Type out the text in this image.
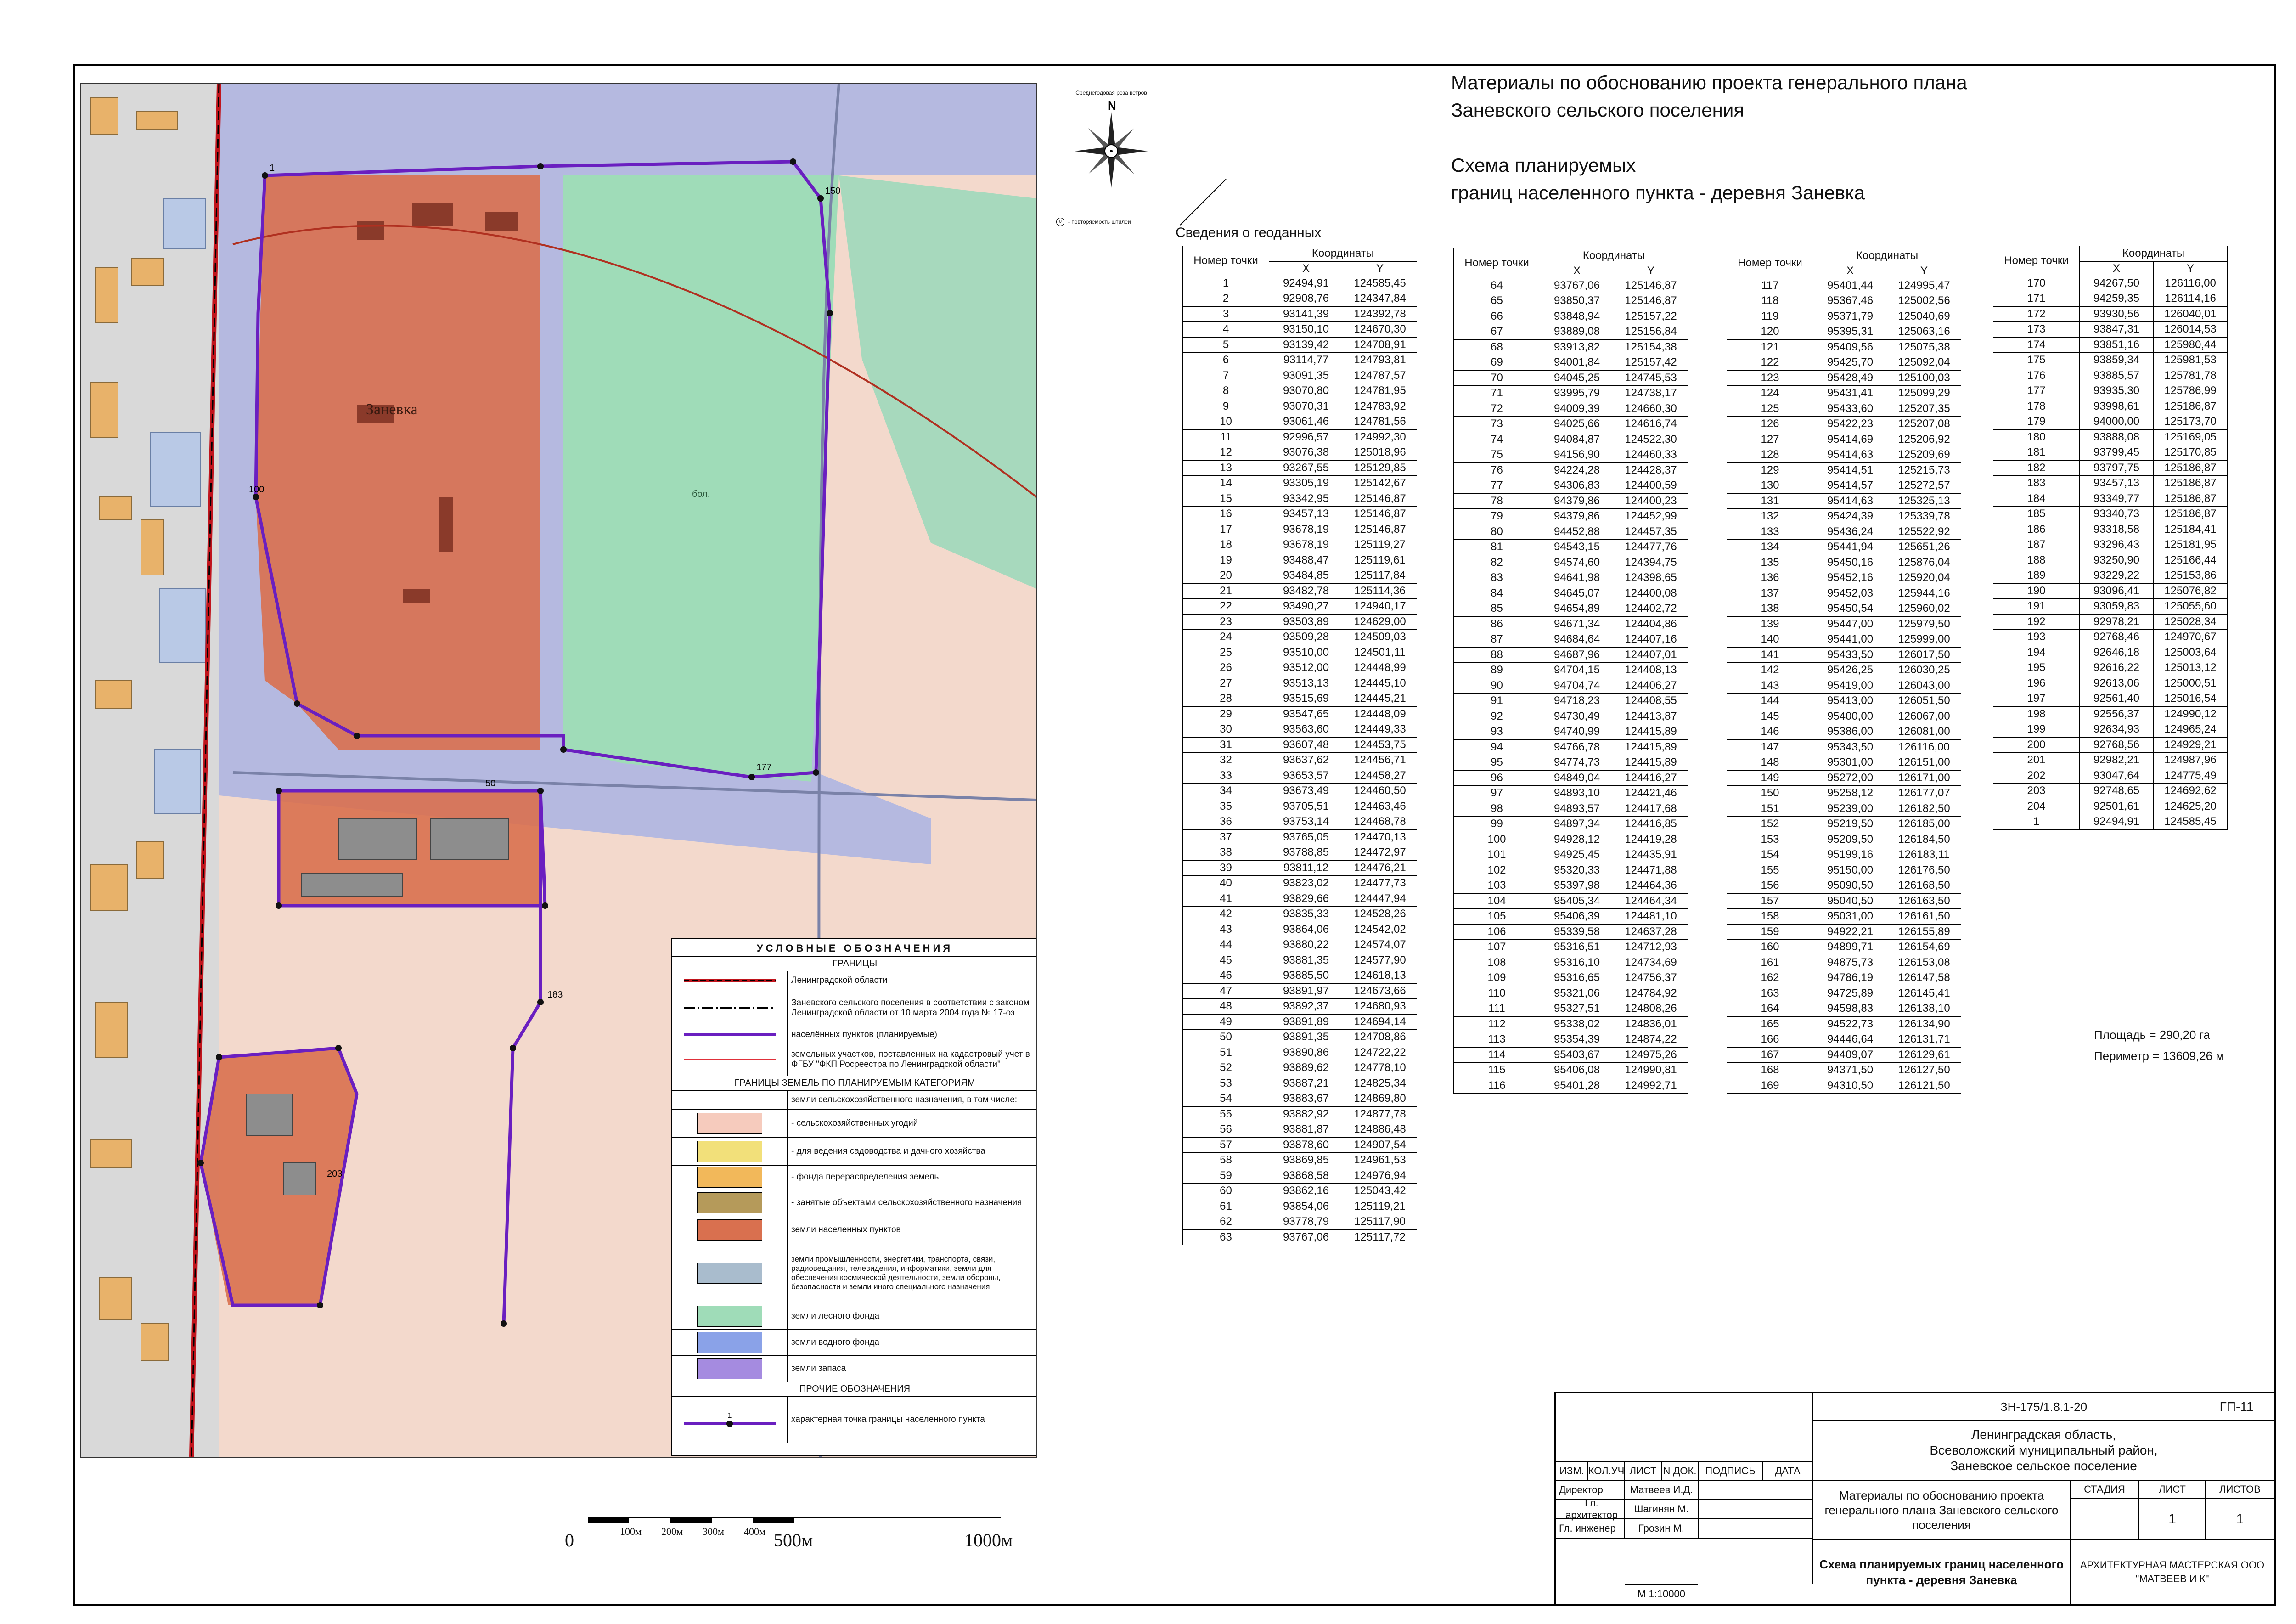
Заневка
бол.
1
50
100
150
177
183
203
УСЛОВНЫЕ ОБОЗНАЧЕНИЯ
ГРАНИЦЫ
Ленинградской области
Заневского сельского поселения в соответствии с законом Ленинградской области от 10 марта 2004 года № 17-оз
населённых пунктов (планируемые)
земельных участков, поставленных на кадастровый учет в ФГБУ "ФКП Росреестра по Ленинградской области"
ГРАНИЦЫ ЗЕМЕЛЬ ПО ПЛАНИРУЕМЫМ КАТЕГОРИЯМ
земли сельскохозяйственного назначения, в том числе:
- сельскохозяйственных угодий
- для ведения садоводства и дачного хозяйства
- фонда перераспределения земель
- занятые объектами сельскохозяйственного назначения
земли населенных пунктов
земли промышленности, энергетики, транспорта, связи, радиовещания, телевидения, информатики, земли для обеспечения космической деятельности, земли обороны, безопасности и земли иного специального назначения
земли лесного фонда
земли водного фонда
земли запаса
ПРОЧИЕ ОБОЗНАЧЕНИЯ
1	характерная точка границы населенного пункта
0	100м 200м 300м 400м 500м	1000м
Среднегодовая роза ветров
N
0	- повторяемость штилей
Материалы по обоснованию проекта генерального плана
Заневского сельского поселения
Схема планируемых
границ населенного пункта - деревня Заневка
Сведения о геоданных
Номер точки	Координаты	
	X	Y
1	92494,91	124585,45
2	92908,76	124347,84
3	93141,39	124392,78
4	93150,10	124670,30
5	93139,42	124708,91
6	93114,77	124793,81
7	93091,35	124787,57
8	93070,80	124781,95
9	93070,31	124783,92
10	93061,46	124781,56
11	92996,57	124992,30
12	93076,38	125018,96
13	93267,55	125129,85
14	93305,19	125142,67
15	93342,95	125146,87
16	93457,13	125146,87
17	93678,19	125146,87
18	93678,19	125119,27
19	93488,47	125119,61
20	93484,85	125117,84
21	93482,78	125114,36
22	93490,27	124940,17
23	93503,89	124629,00
24	93509,28	124509,03
25	93510,00	124501,11
26	93512,00	124448,99
27	93513,13	124445,10
28	93515,69	124445,21
29	93547,65	124448,09
30	93563,60	124449,33
31	93607,48	124453,75
32	93637,62	124456,71
33	93653,57	124458,27
34	93673,49	124460,50
35	93705,51	124463,46
36	93753,14	124468,78
37	93765,05	124470,13
38	93788,85	124472,97
39	93811,12	124476,21
40	93823,02	124477,73
41	93829,66	124447,94
42	93835,33	124528,26
43	93864,06	124542,02
44	93880,22	124574,07
45	93881,35	124577,90
46	93885,50	124618,13
47	93891,97	124673,66
48	93892,37	124680,93
49	93891,89	124694,14
50	93891,35	124708,86
51	93890,86	124722,22
52	93889,62	124778,10
53	93887,21	124825,34
54	93883,67	124869,80
55	93882,92	124877,78
56	93881,87	124886,48
57	93878,60	124907,54
58	93869,85	124961,53
59	93868,58	124976,94
60	93862,16	125043,42
61	93854,06	125119,21
62	93778,79	125117,90
63	93767,06	125117,72
Номер точки	Координаты	
	X	Y
64	93767,06	125146,87
65	93850,37	125146,87
66	93848,94	125157,22
67	93889,08	125156,84
68	93913,82	125154,38
69	94001,84	125157,42
70	94045,25	124745,53
71	93995,79	124738,17
72	94009,39	124660,30
73	94025,66	124616,74
74	94084,87	124522,30
75	94156,90	124460,33
76	94224,28	124428,37
77	94306,83	124400,59
78	94379,86	124400,23
79	94379,86	124452,99
80	94452,88	124457,35
81	94543,15	124477,76
82	94574,60	124394,75
83	94641,98	124398,65
84	94645,07	124400,08
85	94654,89	124402,72
86	94671,34	124404,86
87	94684,64	124407,16
88	94687,96	124407,01
89	94704,15	124408,13
90	94704,74	124406,27
91	94718,23	124408,55
92	94730,49	124413,87
93	94740,99	124415,89
94	94766,78	124415,89
95	94774,73	124415,89
96	94849,04	124416,27
97	94893,10	124421,46
98	94893,57	124417,68
99	94897,34	124416,85
100	94928,12	124419,28
101	94925,45	124435,91
102	95320,33	124471,88
103	95397,98	124464,36
104	95405,34	124464,34
105	95406,39	124481,10
106	95339,58	124637,28
107	95316,51	124712,93
108	95316,10	124734,69
109	95316,65	124756,37
110	95321,06	124784,92
111	95327,51	124808,26
112	95338,02	124836,01
113	95354,39	124874,22
114	95403,67	124975,26
115	95406,08	124990,81
116	95401,28	124992,71
Номер точки	Координаты	
	X	Y
117	95401,44	124995,47
118	95367,46	125002,56
119	95371,79	125040,69
120	95395,31	125063,16
121	95409,56	125075,38
122	95425,70	125092,04
123	95428,49	125100,03
124	95431,41	125099,29
125	95433,60	125207,35
126	95422,23	125207,08
127	95414,69	125206,92
128	95414,63	125209,69
129	95414,51	125215,73
130	95414,57	125272,57
131	95414,63	125325,13
132	95424,39	125339,78
133	95436,24	125522,92
134	95441,94	125651,26
135	95450,16	125876,04
136	95452,16	125920,04
137	95452,03	125944,16
138	95450,54	125960,02
139	95447,00	125979,50
140	95441,00	125999,00
141	95433,50	126017,50
142	95426,25	126030,25
143	95419,00	126043,00
144	95413,00	126051,50
145	95400,00	126067,00
146	95386,00	126081,00
147	95343,50	126116,00
148	95301,00	126151,00
149	95272,00	126171,00
150	95258,12	126177,07
151	95239,00	126182,50
152	95219,50	126185,00
153	95209,50	126184,50
154	95199,16	126183,11
155	95150,00	126176,50
156	95090,50	126168,50
157	95040,50	126163,50
158	95031,00	126161,50
159	94922,21	126155,89
160	94899,71	126154,69
161	94875,73	126153,08
162	94786,19	126147,58
163	94725,89	126145,41
164	94598,83	126138,10
165	94522,73	126134,90
166	94446,64	126131,71
167	94409,07	126129,61
168	94371,50	126127,50
169	94310,50	126121,50
Номер точки	Координаты	
	X	Y
170	94267,50	126116,00
171	94259,35	126114,16
172	93930,56	126040,01
173	93847,31	126014,53
174	93851,16	125980,44
175	93859,34	125981,53
176	93885,57	125781,78
177	93935,30	125786,99
178	93998,61	125186,87
179	94000,00	125173,70
180	93888,08	125169,05
181	93799,45	125170,85
182	93797,75	125186,87
183	93457,13	125186,87
184	93349,77	125186,87
185	93340,73	125186,87
186	93318,58	125184,41
187	93296,43	125181,95
188	93250,90	125166,44
189	93229,22	125153,86
190	93096,41	125076,82
191	93059,83	125055,60
192	92978,21	125028,34
193	92768,46	124970,67
194	92646,18	125003,64
195	92616,22	125013,12
196	92613,06	125000,51
197	92561,40	125016,54
198	92556,37	124990,12
199	92634,93	124965,24
200	92768,56	124929,21
201	92982,21	124987,96
202	93047,64	124775,49
203	92748,65	124692,62
204	92501,61	124625,20
1	92494,91	124585,45
Площадь = 290,20 га
Периметр = 13609,26 м
ИЗМ. КОЛ.УЧ ЛИСТ N ДОК. ПОДПИСЬ	ДАТА
Директор	Матвеев И.Д.
Гл. архитектор
Шагинян М.
Гл. инженер	Грозин М.
М 1:10000
ЗН-175/1.8.1-20	ГП-11
Ленинградская область,
Всеволожский муниципальный район,
Заневское сельское поселение
Материалы по обоснованию проекта генерального плана Заневского сельского поселения
СТАДИЯ	ЛИСТ	ЛИСТОВ
1	1
Схема планируемых границ населенного пункта - деревня Заневка
АРХИТЕКТУРНАЯ МАСТЕРСКАЯ ООО "МАТВЕЕВ И К"
